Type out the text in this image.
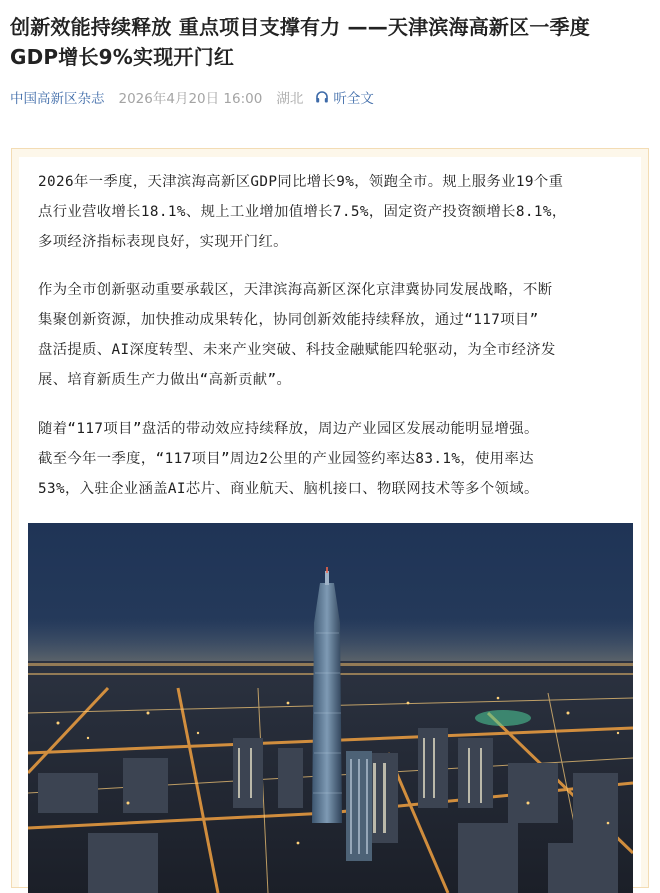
创新效能持续释放 重点项目支撑有力 ——天津滨海高新区一季度
GDP增长9%实现开门红
中国高新区杂志 2026年4月20日 16:00 湖北 听全文
2026年一季度，天津滨海高新区GDP同比增长9%，领跑全市。规上服务业19个重
点行业营收增长18.1%、规上工业增加值增长7.5%，固定资产投资额增长8.1%，
多项经济指标表现良好，实现开门红。
作为全市创新驱动重要承载区，天津滨海高新区深化京津冀协同发展战略，不断
集聚创新资源，加快推动成果转化，协同创新效能持续释放，通过“117项目”
盘活提质、AI深度转型、未来产业突破、科技金融赋能四轮驱动，为全市经济发
展、培育新质生产力做出“高新贡献”。
随着“117项目”盘活的带动效应持续释放，周边产业园区发展动能明显增强。
截至今年一季度，“117项目”周边2公里的产业园签约率达83.1%，使用率达
53%，入驻企业涵盖AI芯片、商业航天、脑机接口、物联网技术等多个领域。
